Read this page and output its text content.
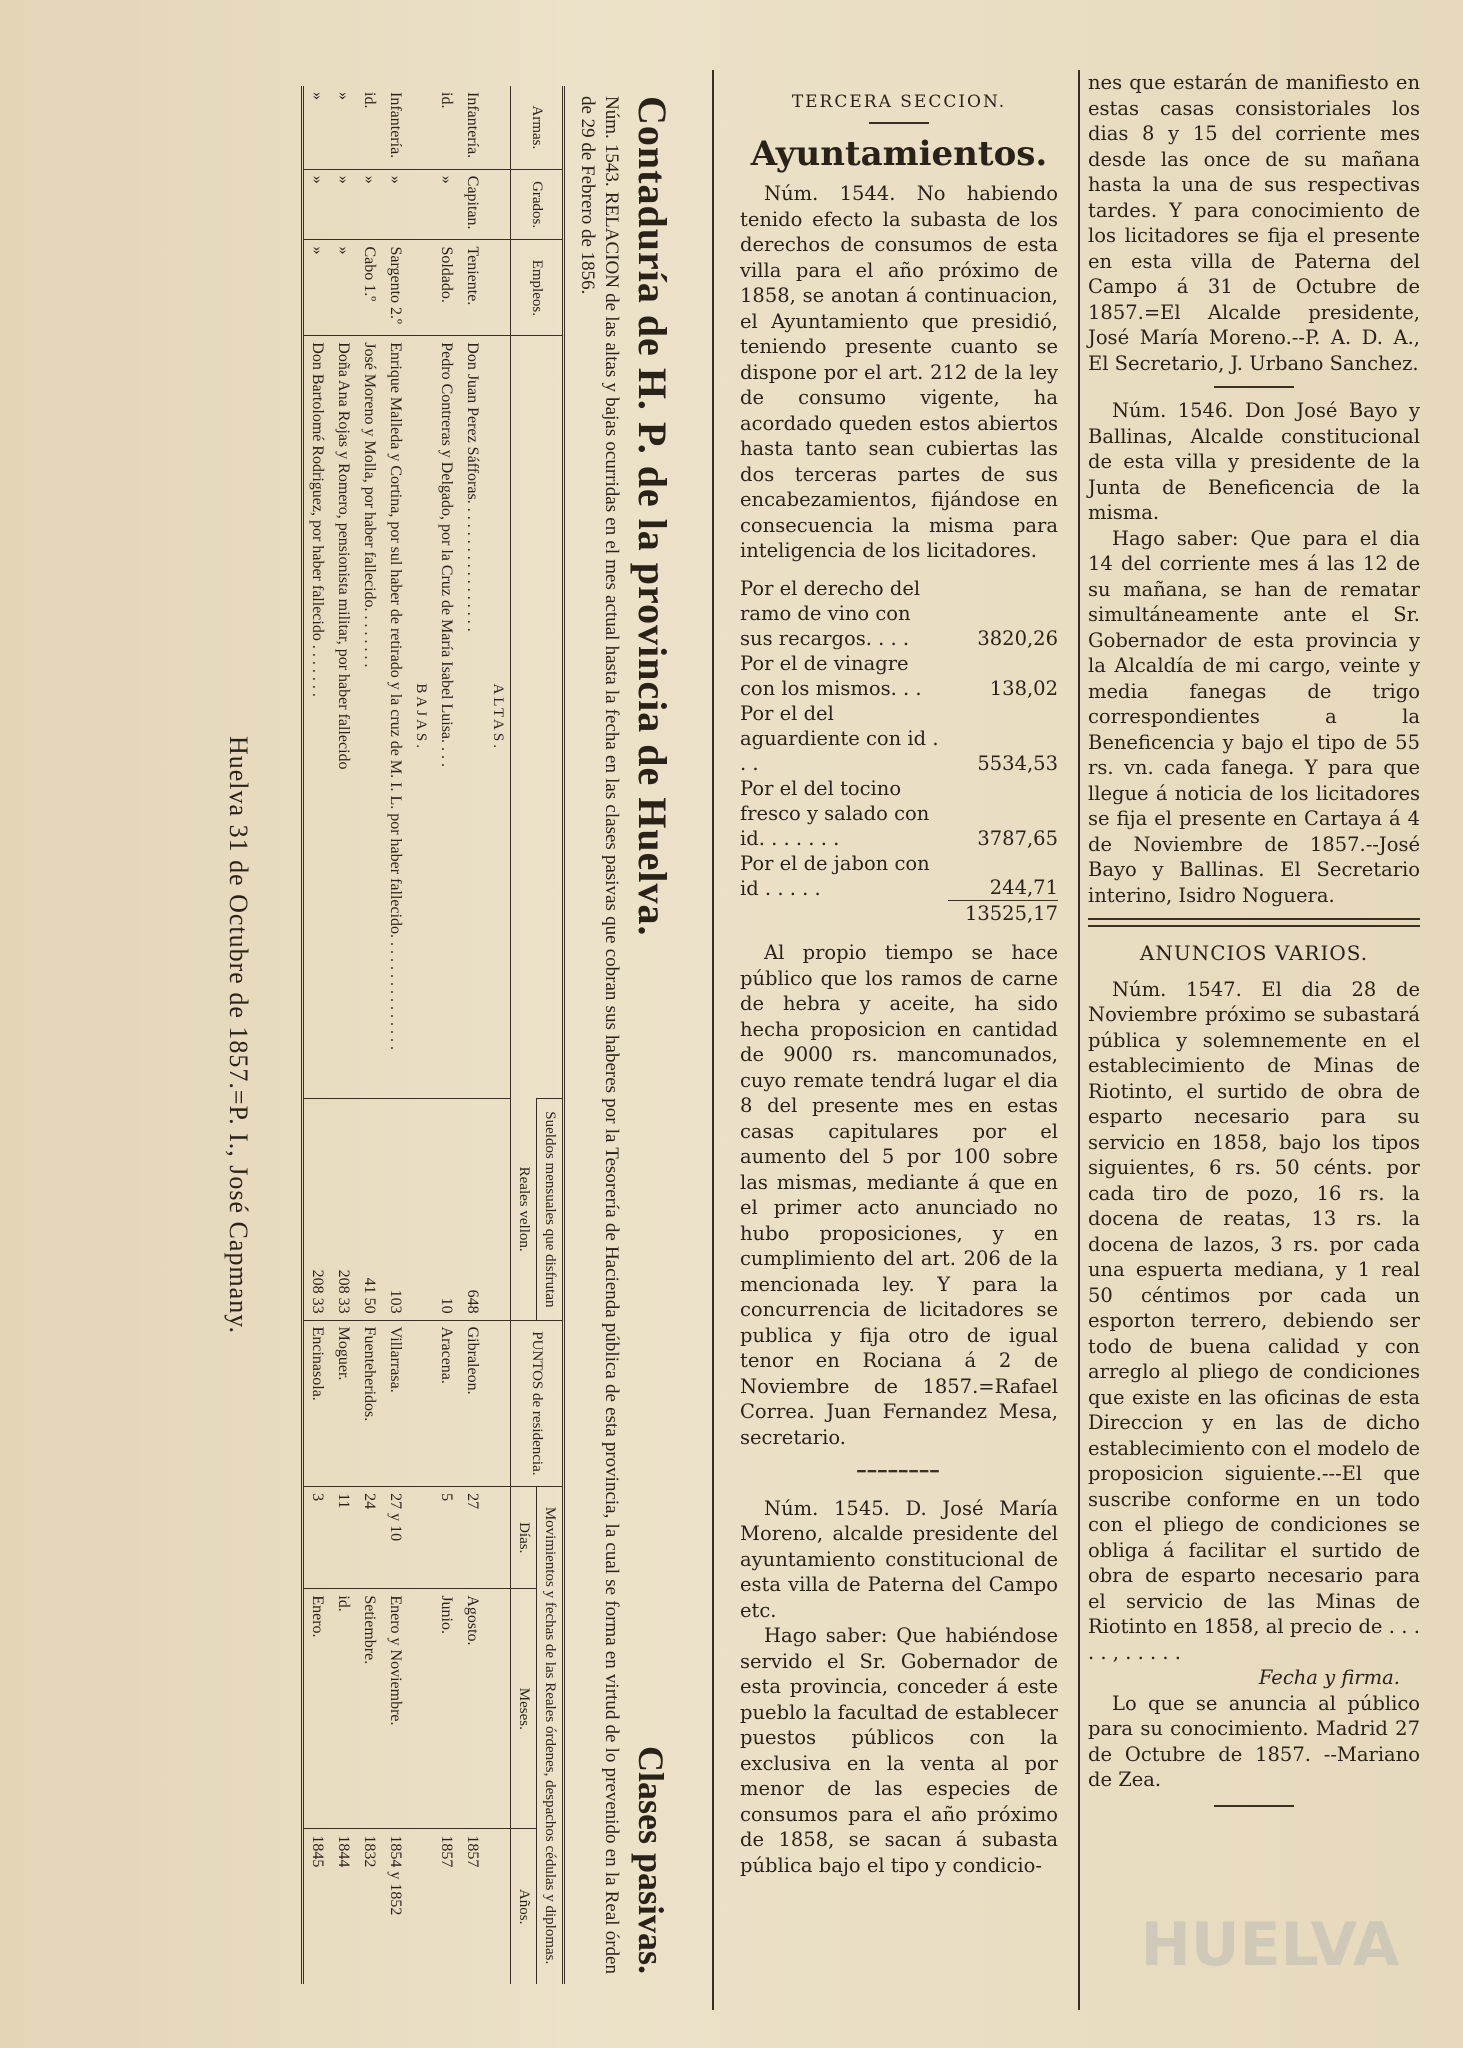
Contaduría de H. P. de la provincia de Huelva.
Clases pasivas.
Núm. 1543. RELACION de las altas y bajas ocurridas en el mes actual hasta la fecha en las clases pasivas que cobran sus haberes por la Tesorería de Hacienda pública de esta provincia, la cual se forma en virtud de lo prevenido en la Real órden de 29 de Febrero de 1856.
Armas.	Grados.	Empleos.		Sueldos mensuales que disfrutan	PUNTOS de residencia.	Movimientos y fechas de las Reales órdenes, despachos cédulas y diplomas.		
				Reales vellon.		Días.	Meses.	Años.
			ALTAS.					
Infantería.	Capitan.	Teniente.	Don Juan Perez Sáfforas. . . . . . . . . . . . . . . . .	648	Gibraleon.	27	Agosto.	1857
id.	»	Soldado.	Pedro Contreras y Delgado, por la Cruz de María Isabel Luisa. . . .	10	Aracena.	5	Junio.	1857
			BAJAS.					
Infantería.	»	Sargento 2.º	Enrique Malleda y Cortina, por sul haber de retirado y la cruz de M. I. L. por haber fallecido. . . . . . . . . . . . . . .	103	Villarrasa.	27 y 10	Enero y Noviembre.	1854 y 1852
id.	»	Cabo 1.º	José Moreno y Molla, por haber fallecido. . . . . . . .	41 50	Fuenteheridos.	24	Setiembre.	1832
»	»	»	Doña Ana Rojas y Romero, pensionista militar, por haber fallecido	208 33	Moguer.	11	id.	1844
»	»	»	Don Bartolomé Rodriguez, por haber fallecido . . . . . . .	208 33	Encinasola.	3	Enero.	1845
Huelva 31 de Octubre de 1857.=P. I., José Capmany.
TERCERA SECCION.
Ayuntamientos.

Núm. 1544. No habiendo tenido efecto la subasta de los derechos de consumos de esta villa para el año próximo de 1858, se anotan á continuacion, el Ayuntamiento que presidió, teniendo presente cuanto se dispone por el art. 212 de la ley de consumo vigente, ha acordado queden estos abiertos hasta tanto sean cubiertas las dos terceras partes de sus encabezamientos, fijándose en consecuencia la misma para inteligencia de los licitadores.

Por el derecho del ramo de vino con sus recargos. . . .	3820,26
Por el de vinagre con los mismos. . .	138,02
Por el del aguardiente con id . . .	5534,53
Por el del tocino fresco y salado con id. . . . . . .	3787,65
Por el de jabon con id . . . . .	244,71
	13525,17

Al propio tiempo se hace público que los ramos de carne de hebra y aceite, ha sido hecha proposicion en cantidad de 9000 rs. mancomunados, cuyo remate tendrá lugar el dia 8 del presente mes en estas casas capitulares por el aumento del 5 por 100 sobre las mismas, mediante á que en el primer acto anunciado no hubo proposiciones, y en cumplimiento del art. 206 de la mencionada ley. Y para la concurrencia de licitadores se publica y fija otro de igual tenor en Rociana á 2 de Noviembre de 1857.=Rafael Correa. Juan Fernandez Mesa, secretario.

━━━━━━━━

Núm. 1545. D. José María Moreno, alcalde presidente del ayuntamiento constitucional de esta villa de Paterna del Campo etc.

Hago saber: Que habiéndose servido el Sr. Gobernador de esta provincia, conceder á este pueblo la facultad de establecer puestos públicos con la exclusiva en la venta al por menor de las especies de consumos para el año próximo de 1858, se sacan á subasta pública bajo el tipo y condicio-

nes que estarán de manifiesto en estas casas consistoriales los dias 8 y 15 del corriente mes desde las once de su mañana hasta la una de sus respectivas tardes. Y para conocimiento de los licitadores se fija el presente en esta villa de Paterna del Campo á 31 de Octubre de 1857.=El Alcalde presidente, José María Moreno.--P. A. D. A., El Secretario, J. Urbano Sanchez.

Núm. 1546. Don José Bayo y Ballinas, Alcalde constitucional de esta villa y presidente de la Junta de Beneficencia de la misma.

Hago saber: Que para el dia 14 del corriente mes á las 12 de su mañana, se han de rematar simultáneamente ante el Sr. Gobernador de esta provincia y la Alcaldía de mi cargo, veinte y media fanegas de trigo correspondientes a la Beneficencia y bajo el tipo de 55 rs. vn. cada fanega. Y para que llegue á noticia de los licitadores se fija el presente en Cartaya á 4 de Noviembre de 1857.--José Bayo y Ballinas. El Secretario interino, Isidro Noguera.

ANUNCIOS VARIOS.

Núm. 1547. El dia 28 de Noviembre próximo se subastará pública y solemnemente en el establecimiento de Minas de Riotinto, el surtido de obra de esparto necesario para su servicio en 1858, bajo los tipos siguientes, 6 rs. 50 cénts. por cada tiro de pozo, 16 rs. la docena de reatas, 13 rs. la docena de lazos, 3 rs. por cada una espuerta mediana, y 1 real 50 céntimos por cada un esporton terrero, debiendo ser todo de buena calidad y con arreglo al pliego de condiciones que existe en las oficinas de esta Direccion y en las de dicho establecimiento con el modelo de proposicion siguiente.---El que suscribe conforme en un todo con el pliego de condiciones se obliga á facilitar el surtido de obra de esparto necesario para el servicio de las Minas de Riotinto en 1858, al precio de . . . . . , . . . . .

Fecha y firma.

Lo que se anuncia al público para su conocimiento. Madrid 27 de Octubre de 1857. --Mariano de Zea.

HUELVA
